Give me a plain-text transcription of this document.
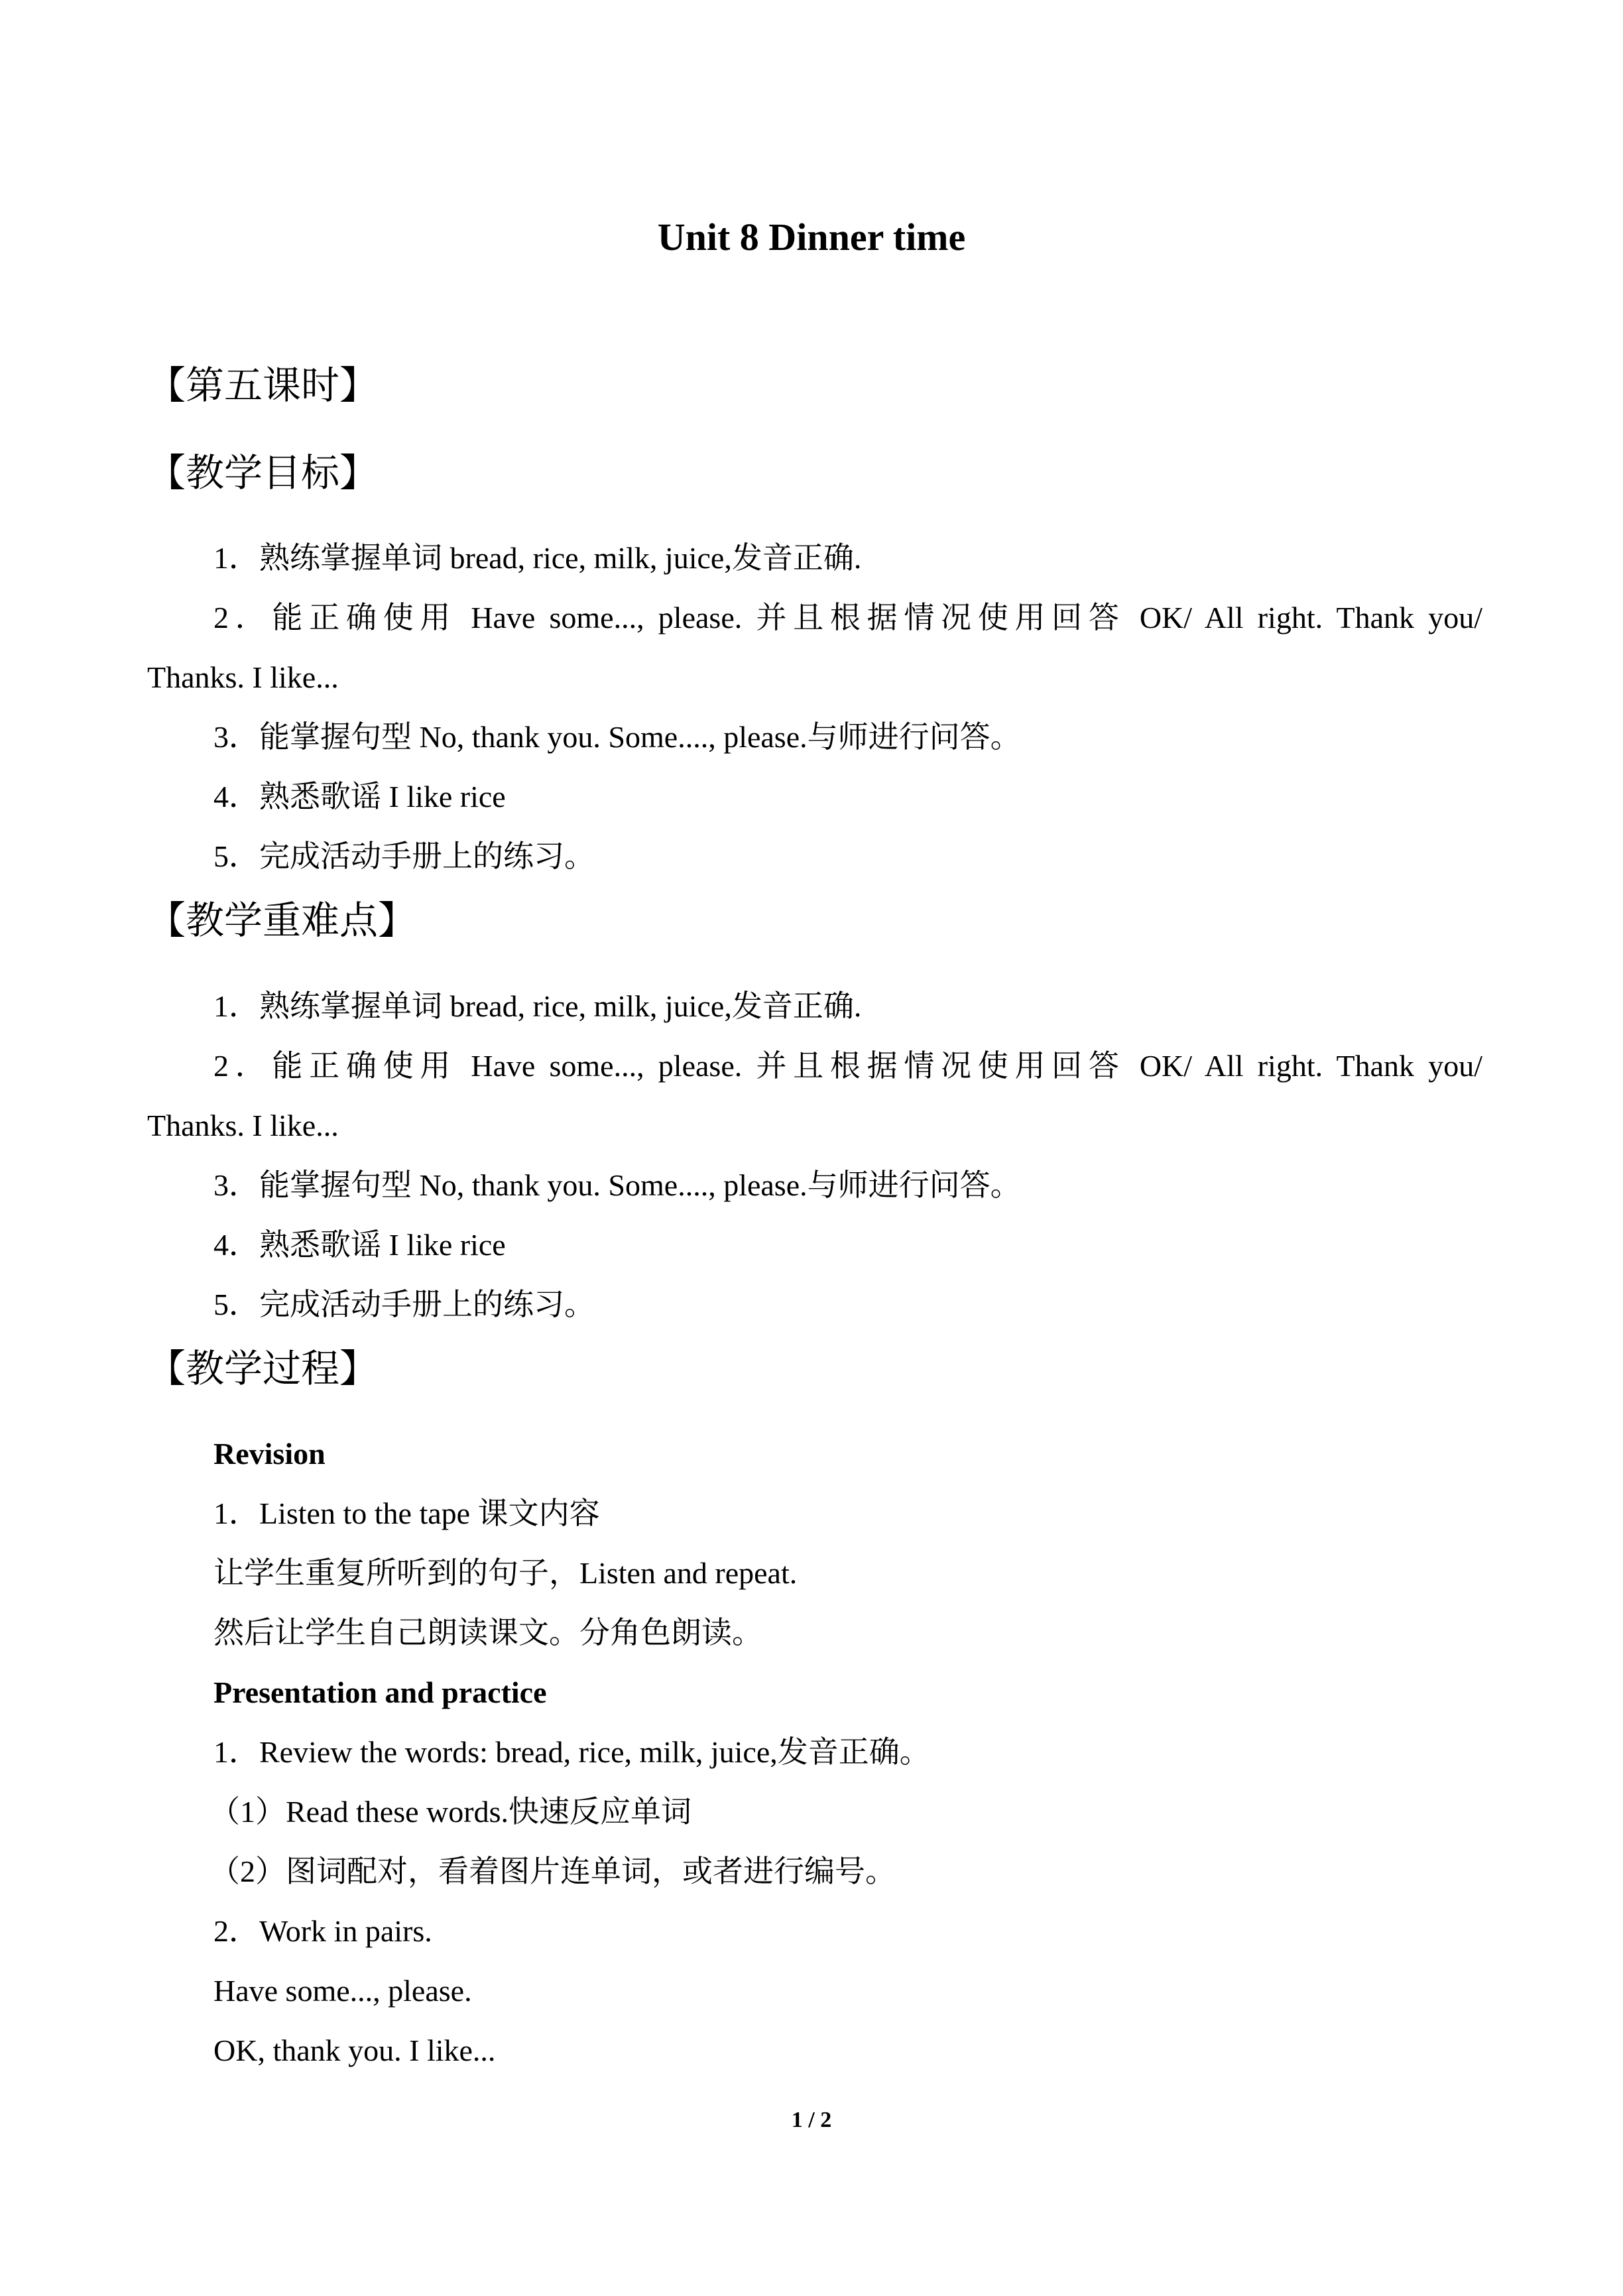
Unit 8 Dinner time
【第五课时】
【教学目标】
1．熟练掌握单词 bread, rice, milk, juice,发音正确.
2．能正确使用 Have some..., please. 并且根据情况使用回答 OK/ All right. Thank you/
Thanks. I like...
3．能掌握句型 No, thank you. Some...., please.与师进行问答。
4．熟悉歌谣 I like rice
5．完成活动手册上的练习。
【教学重难点】
1．熟练掌握单词 bread, rice, milk, juice,发音正确.
2．能正确使用 Have some..., please. 并且根据情况使用回答 OK/ All right. Thank you/
Thanks. I like...
3．能掌握句型 No, thank you. Some...., please.与师进行问答。
4．熟悉歌谣 I like rice
5．完成活动手册上的练习。
【教学过程】
Revision
1．Listen to the tape 课文内容
让学生重复所听到的句子，Listen and repeat.
然后让学生自己朗读课文。分角色朗读。
Presentation and practice
1．Review the words: bread, rice, milk, juice,发音正确。
（1）Read these words.快速反应单词
（2）图词配对，看着图片连单词，或者进行编号。
2．Work in pairs.
Have some..., please.
OK, thank you. I like...
1 / 2
